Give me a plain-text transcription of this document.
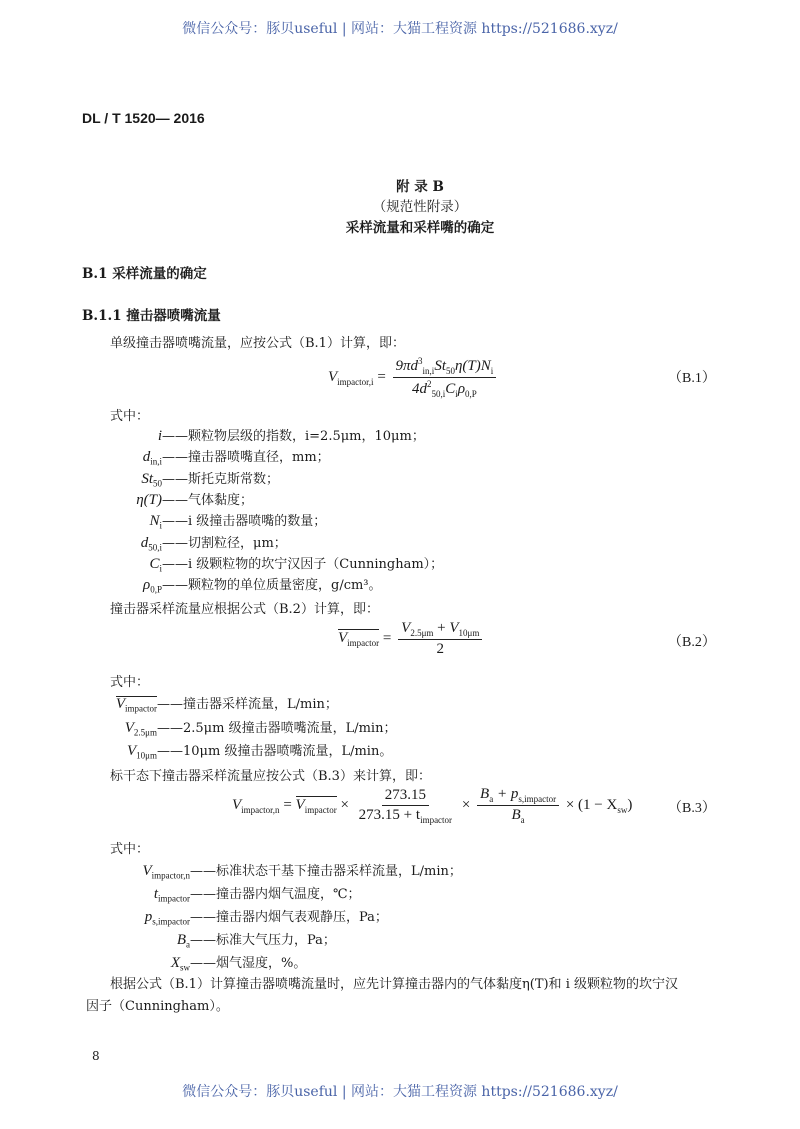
微信公众号：豚贝useful | 网站：大猫工程资源 https://521686.xyz/
DL / T 1520— 2016
附 录 B
（规范性附录）
采样流量和采样嘴的确定
B.1 采样流量的确定
B.1.1 撞击器喷嘴流量
单级撞击器喷嘴流量，应按公式（B.1）计算，即：
$V_{impactor,i} = \frac{9\pi d^3_{in,i}St_{50}\eta(T)N_i}{4d^2_{50,i}C_i\rho_{0,P}}$	（B.1）
式中：
i ——颗粒物层级的指数，i=2.5μm，10μm；
$d_{in,i}$ ——撞击器喷嘴直径，mm；
$St_{50}$ ——斯托克斯常数；
η(T) ——气体黏度；
$N_i$ ——i 级撞击器喷嘴的数量；
$d_{50,i}$ ——切割粒径，μm；
$C_i$ ——i 级颗粒物的坎宁汉因子（Cunningham）；
$\rho_{0,P}$ ——颗粒物的单位质量密度，g/cm³。
撞击器采样流量应根据公式（B.2）计算，即：
$V_{impactor} = \frac{V_{2.5\mu m} + V_{10\mu m}}{2}$	（B.2）
式中：
$V_{impactor}$ ——撞击器采样流量，L/min；
$V_{2.5\mu m}$ ——2.5μm 级撞击器喷嘴流量，L/min；
$V_{10\mu m}$ ——10μm 级撞击器喷嘴流量，L/min。
标干态下撞击器采样流量应按公式（B.3）来计算，即：
$V_{impactor,n} = V_{impactor} \times \frac{273.15}{273.15 + t_{impactor}} \times \frac{B_a + p_{s,impactor}}{B_a} \times (1 - X_{sw})$	（B.3）
式中：
$V_{impactor,n}$ ——标准状态干基下撞击器采样流量，L/min；
$t_{impactor}$ ——撞击器内烟气温度，℃；
$p_{s,impactor}$ ——撞击器内烟气表观静压，Pa；
$B_a$ ——标准大气压力，Pa；
$X_{sw}$ ——烟气湿度，%。
根据公式（B.1）计算撞击器喷嘴流量时，应先计算撞击器内的气体黏度η(T)和 i 级颗粒物的坎宁汉
因子（Cunningham）。
8
微信公众号：豚贝useful | 网站：大猫工程资源 https://521686.xyz/
